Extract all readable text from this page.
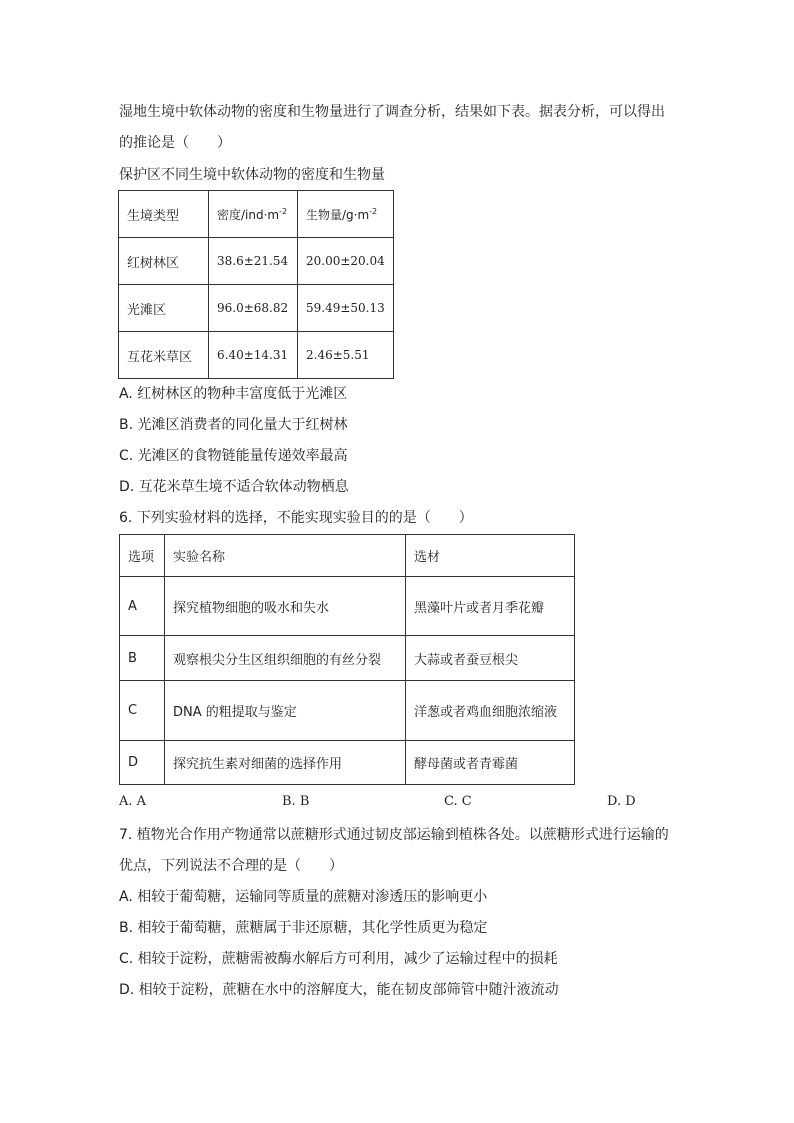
湿地生境中软体动物的密度和生物量进行了调查分析，结果如下表。据表分析，可以得出
的推论是（　　）
保护区不同生境中软体动物的密度和生物量
生境类型	密度$/ind\cdot m^{-2}$	生物量$/g\cdot m^{-2}$
红树林区	38.6±21.54	20.00±20.04
光滩区	96.0±68.82	59.49±50.13
互花米草区	6.40±14.31	2.46±5.51
A. 红树林区的物种丰富度低于光滩区
B. 光滩区消费者的同化量大于红树林
C. 光滩区的食物链能量传递效率最高
D. 互花米草生境不适合软体动物栖息
6. 下列实验材料的选择，不能实现实验目的的是（　　）
选项	实验名称	选材
A	探究植物细胞的吸水和失水	黑藻叶片或者月季花瓣
B	观察根尖分生区组织细胞的有丝分裂	大蒜或者蚕豆根尖
C	DNA 的粗提取与鉴定	洋葱或者鸡血细胞浓缩液
D	探究抗生素对细菌的选择作用	酵母菌或者青霉菌
A. A	B. B	C. C	D. D
7. 植物光合作用产物通常以蔗糖形式通过韧皮部运输到植株各处。以蔗糖形式进行运输的
优点，下列说法不合理的是（　　）
A. 相较于葡萄糖，运输同等质量的蔗糖对渗透压的影响更小
B. 相较于葡萄糖，蔗糖属于非还原糖，其化学性质更为稳定
C. 相较于淀粉，蔗糖需被酶水解后方可利用，减少了运输过程中的损耗
D. 相较于淀粉，蔗糖在水中的溶解度大，能在韧皮部筛管中随汁液流动
